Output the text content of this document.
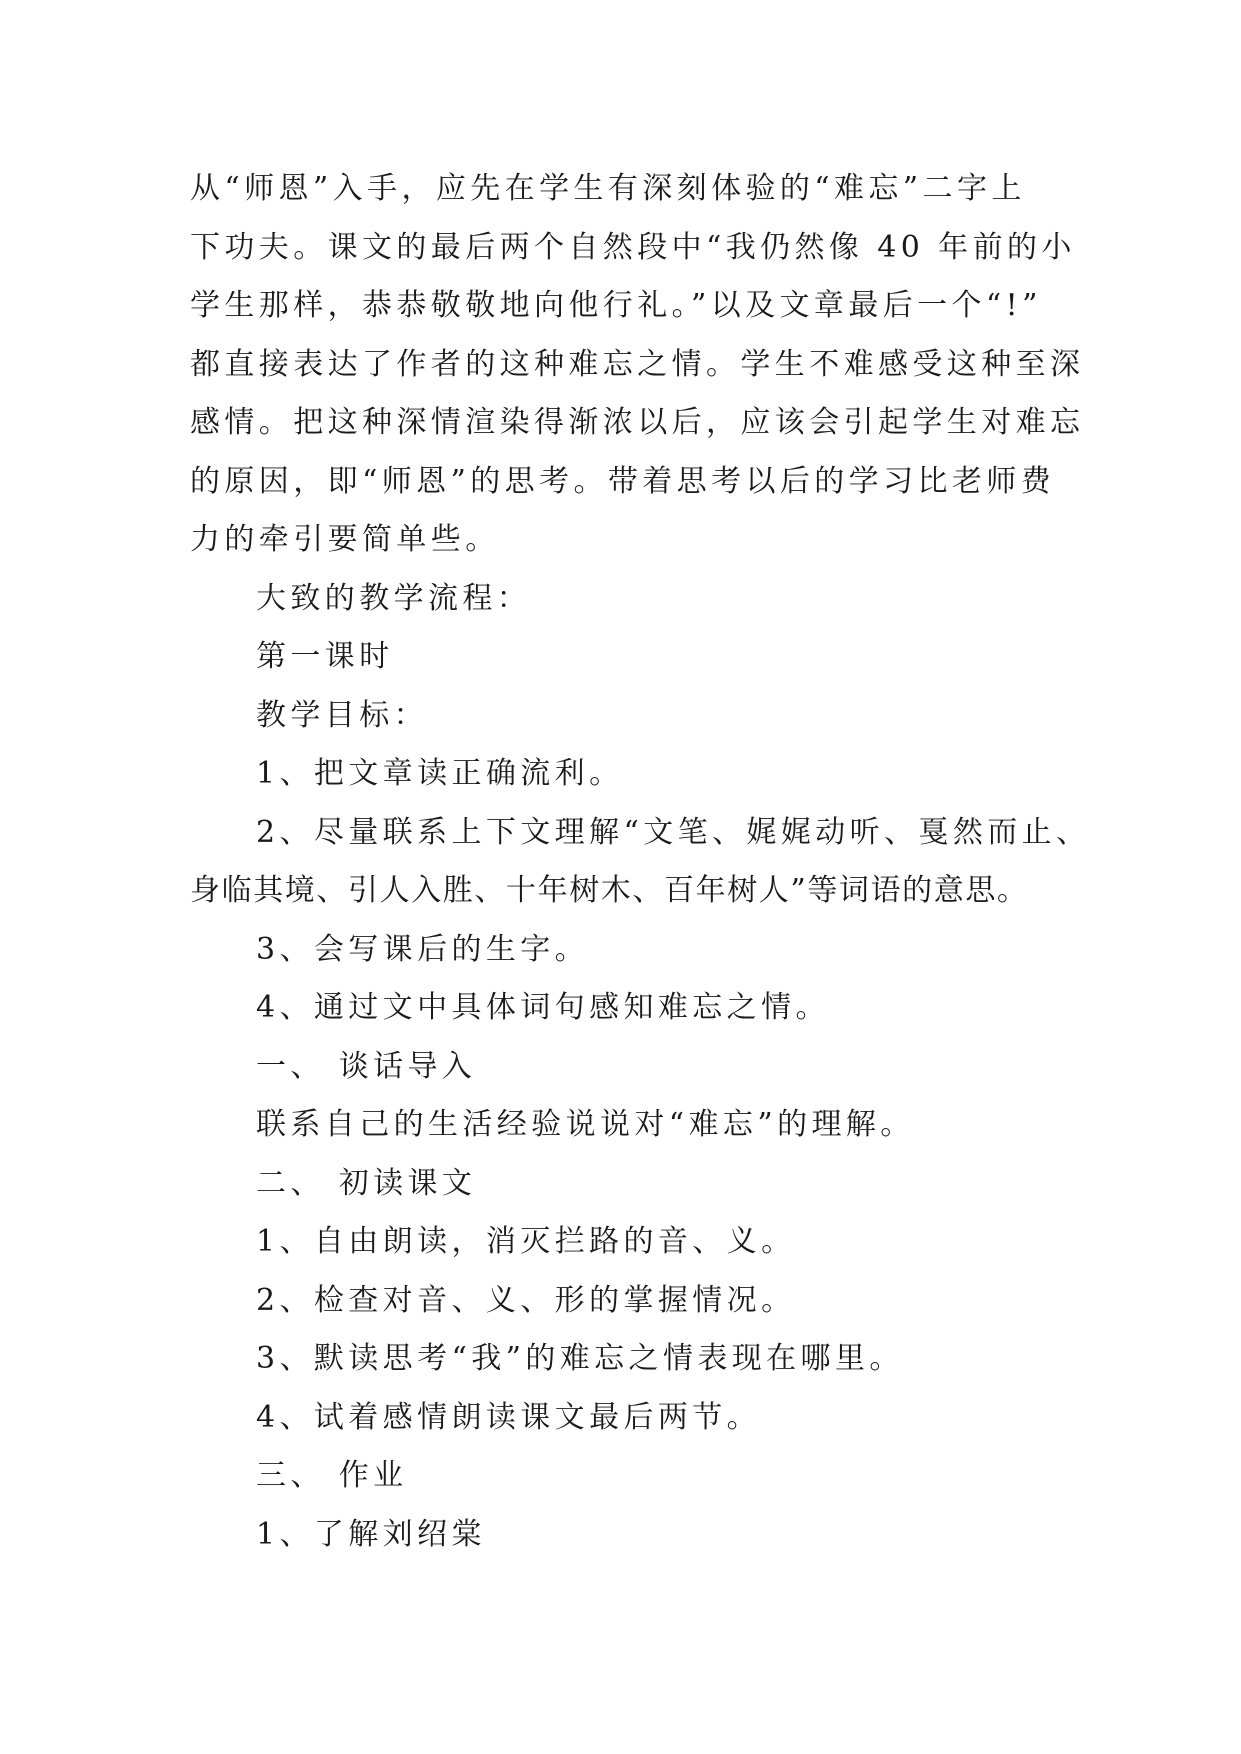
从“师恩”入手，应先在学生有深刻体验的“难忘”二字上
下功夫。课文的最后两个自然段中“我仍然像 40 年前的小
学生那样，恭恭敬敬地向他行礼。”以及文章最后一个“!”
都直接表达了作者的这种难忘之情。学生不难感受这种至深
感情。把这种深情渲染得渐浓以后，应该会引起学生对难忘
的原因，即“师恩”的思考。带着思考以后的学习比老师费
力的牵引要简单些。
大致的教学流程：
第一课时
教学目标：
1、把文章读正确流利。
2、尽量联系上下文理解“文笔、娓娓动听、戛然而止、
身临其境、引人入胜、十年树木、百年树人”等词语的意思。
3、会写课后的生字。
4、通过文中具体词句感知难忘之情。
一、 谈话导入
联系自己的生活经验说说对“难忘”的理解。
二、 初读课文
1、自由朗读，消灭拦路的音、义。
2、检查对音、义、形的掌握情况。
3、默读思考“我”的难忘之情表现在哪里。
4、试着感情朗读课文最后两节。
三、 作业
1、了解刘绍棠
